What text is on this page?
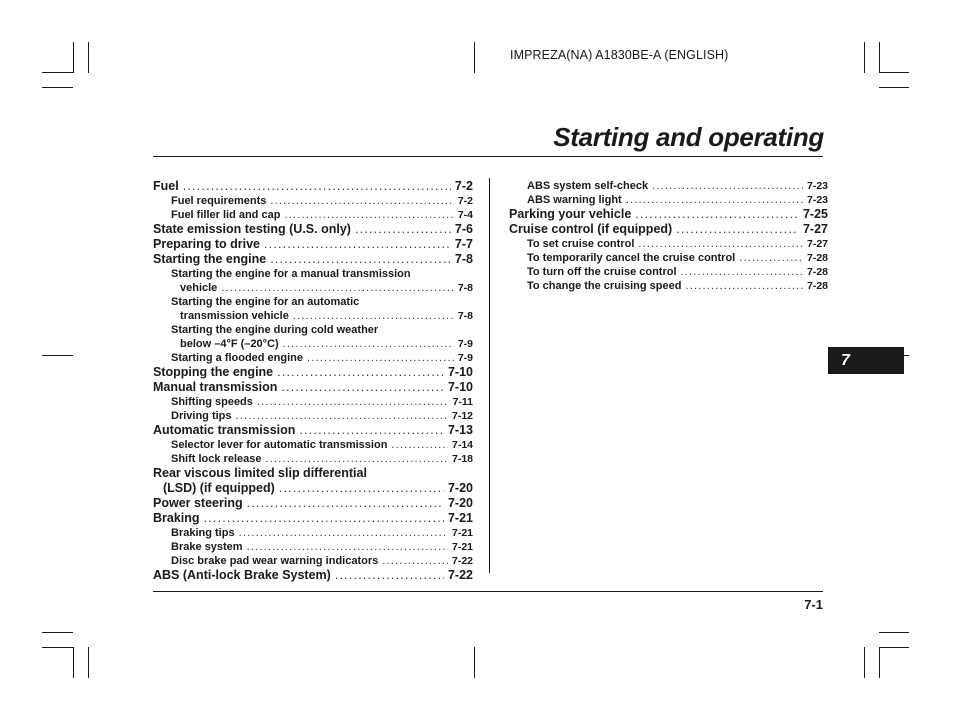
IMPREZA(NA) A1830BE-A (ENGLISH)
Starting and operating
Fuel .....	7-2
Fuel requirements .....	7-2
Fuel filler lid and cap .....	7-4
State emission testing (U.S. only) .....	7-6
Preparing to drive .....	7-7
Starting the engine .....	7-8
Starting the engine for a manual transmission
vehicle .....	7-8
Starting the engine for an automatic
transmission vehicle .....	7-8
Starting the engine during cold weather
below –4°F (–20°C) .....	7-9
Starting a flooded engine .....	7-9
Stopping the engine .....	7-10
Manual transmission .....	7-10
Shifting speeds .....	7-11
Driving tips .....	7-12
Automatic transmission .....	7-13
Selector lever for automatic transmission .....	7-14
Shift lock release .....	7-18
Rear viscous limited slip differential
(LSD) (if equipped) .....	7-20
Power steering .....	7-20
Braking .....	7-21
Braking tips .....	7-21
Brake system .....	7-21
Disc brake pad wear warning indicators .....	7-22
ABS (Anti-lock Brake System) .....	7-22
ABS system self-check .....	7-23
ABS warning light .....	7-23
Parking your vehicle .....	7-25
Cruise control (if equipped) .....	7-27
To set cruise control .....	7-27
To temporarily cancel the cruise control .....	7-28
To turn off the cruise control .....	7-28
To change the cruising speed .....	7-28
7
7-1
